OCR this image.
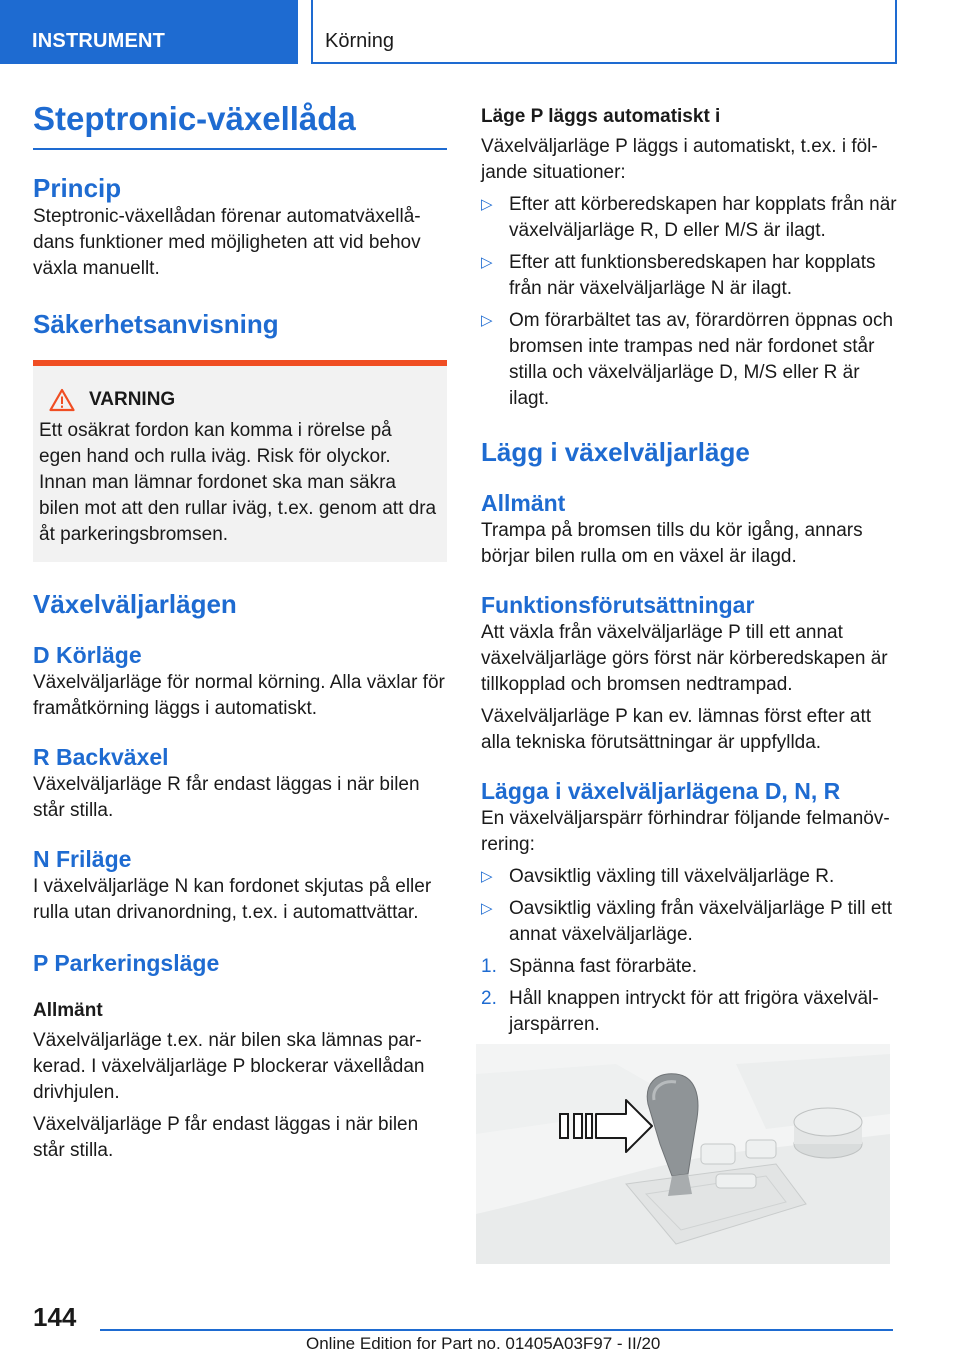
INSTRUMENT	Körning
Steptronic-växellåda
Princip

Steptronic-växellådan förenar automatväxellådans funktioner med möjligheten att vid behov växla manuellt.

Säkerhetsanvisning
VARNING

Ett osäkrat fordon kan komma i rörelse på egen hand och rulla iväg. Risk för olyckor. Innan man lämnar fordonet ska man säkra bilen mot att den rullar iväg, t.ex. genom att dra åt parkeringsbromsen.

Växelväljarlägen
D Körläge

Växelväljarläge för normal körning. Alla växlar för framåtkörning läggs i automatiskt.

R Backväxel

Växelväljarläge R får endast läggas i när bilen står stilla.

N Friläge

I växelväljarläge N kan fordonet skjutas på eller rulla utan drivanordning, t.ex. i automattvättar.

P Parkeringsläge
Allmänt

Växelväljarläge t.ex. när bilen ska lämnas parkerad. I växelväljarläge P blockerar växellådan drivhjulen.

Växelväljarläge P får endast läggas i när bilen står stilla.

Läge P läggs automatiskt i

Växelväljarläge P läggs i automatiskt, t.ex. i följande situationer:

▷ Efter att körberedskapen har kopplats från när växelväljarläge R, D eller M/S är ilagt.
▷ Efter att funktionsberedskapen har kopplats från när växelväljarläge N är ilagt.
▷ Om förarbältet tas av, förardörren öppnas och bromsen inte trampas ned när fordonet står stilla och växelväljarläge D, M/S eller R är ilagt.
Lägg i växelväljarläge
Allmänt

Trampa på bromsen tills du kör igång, annars börjar bilen rulla om en växel är ilagd.

Funktionsförutsättningar

Att växla från växelväljarläge P till ett annat växelväljarläge görs först när körberedskapen är tillkopplad och bromsen nedtrampad.

Växelväljarläge P kan ev. lämnas först efter att alla tekniska förutsättningar är uppfyllda.

Lägga i växelväljarlägena D, N, R

En växelväljarspärr förhindrar följande felmanövrering:

▷ Oavsiktlig växling till växelväljarläge R.
▷ Oavsiktlig växling från växelväljarläge P till ett annat växelväljarläge.
1. Spänna fast förarbäte.
2. Håll knappen intryckt för att frigöra växelväljarspärren.
144
Online Edition for Part no. 01405A03F97 - II/20
